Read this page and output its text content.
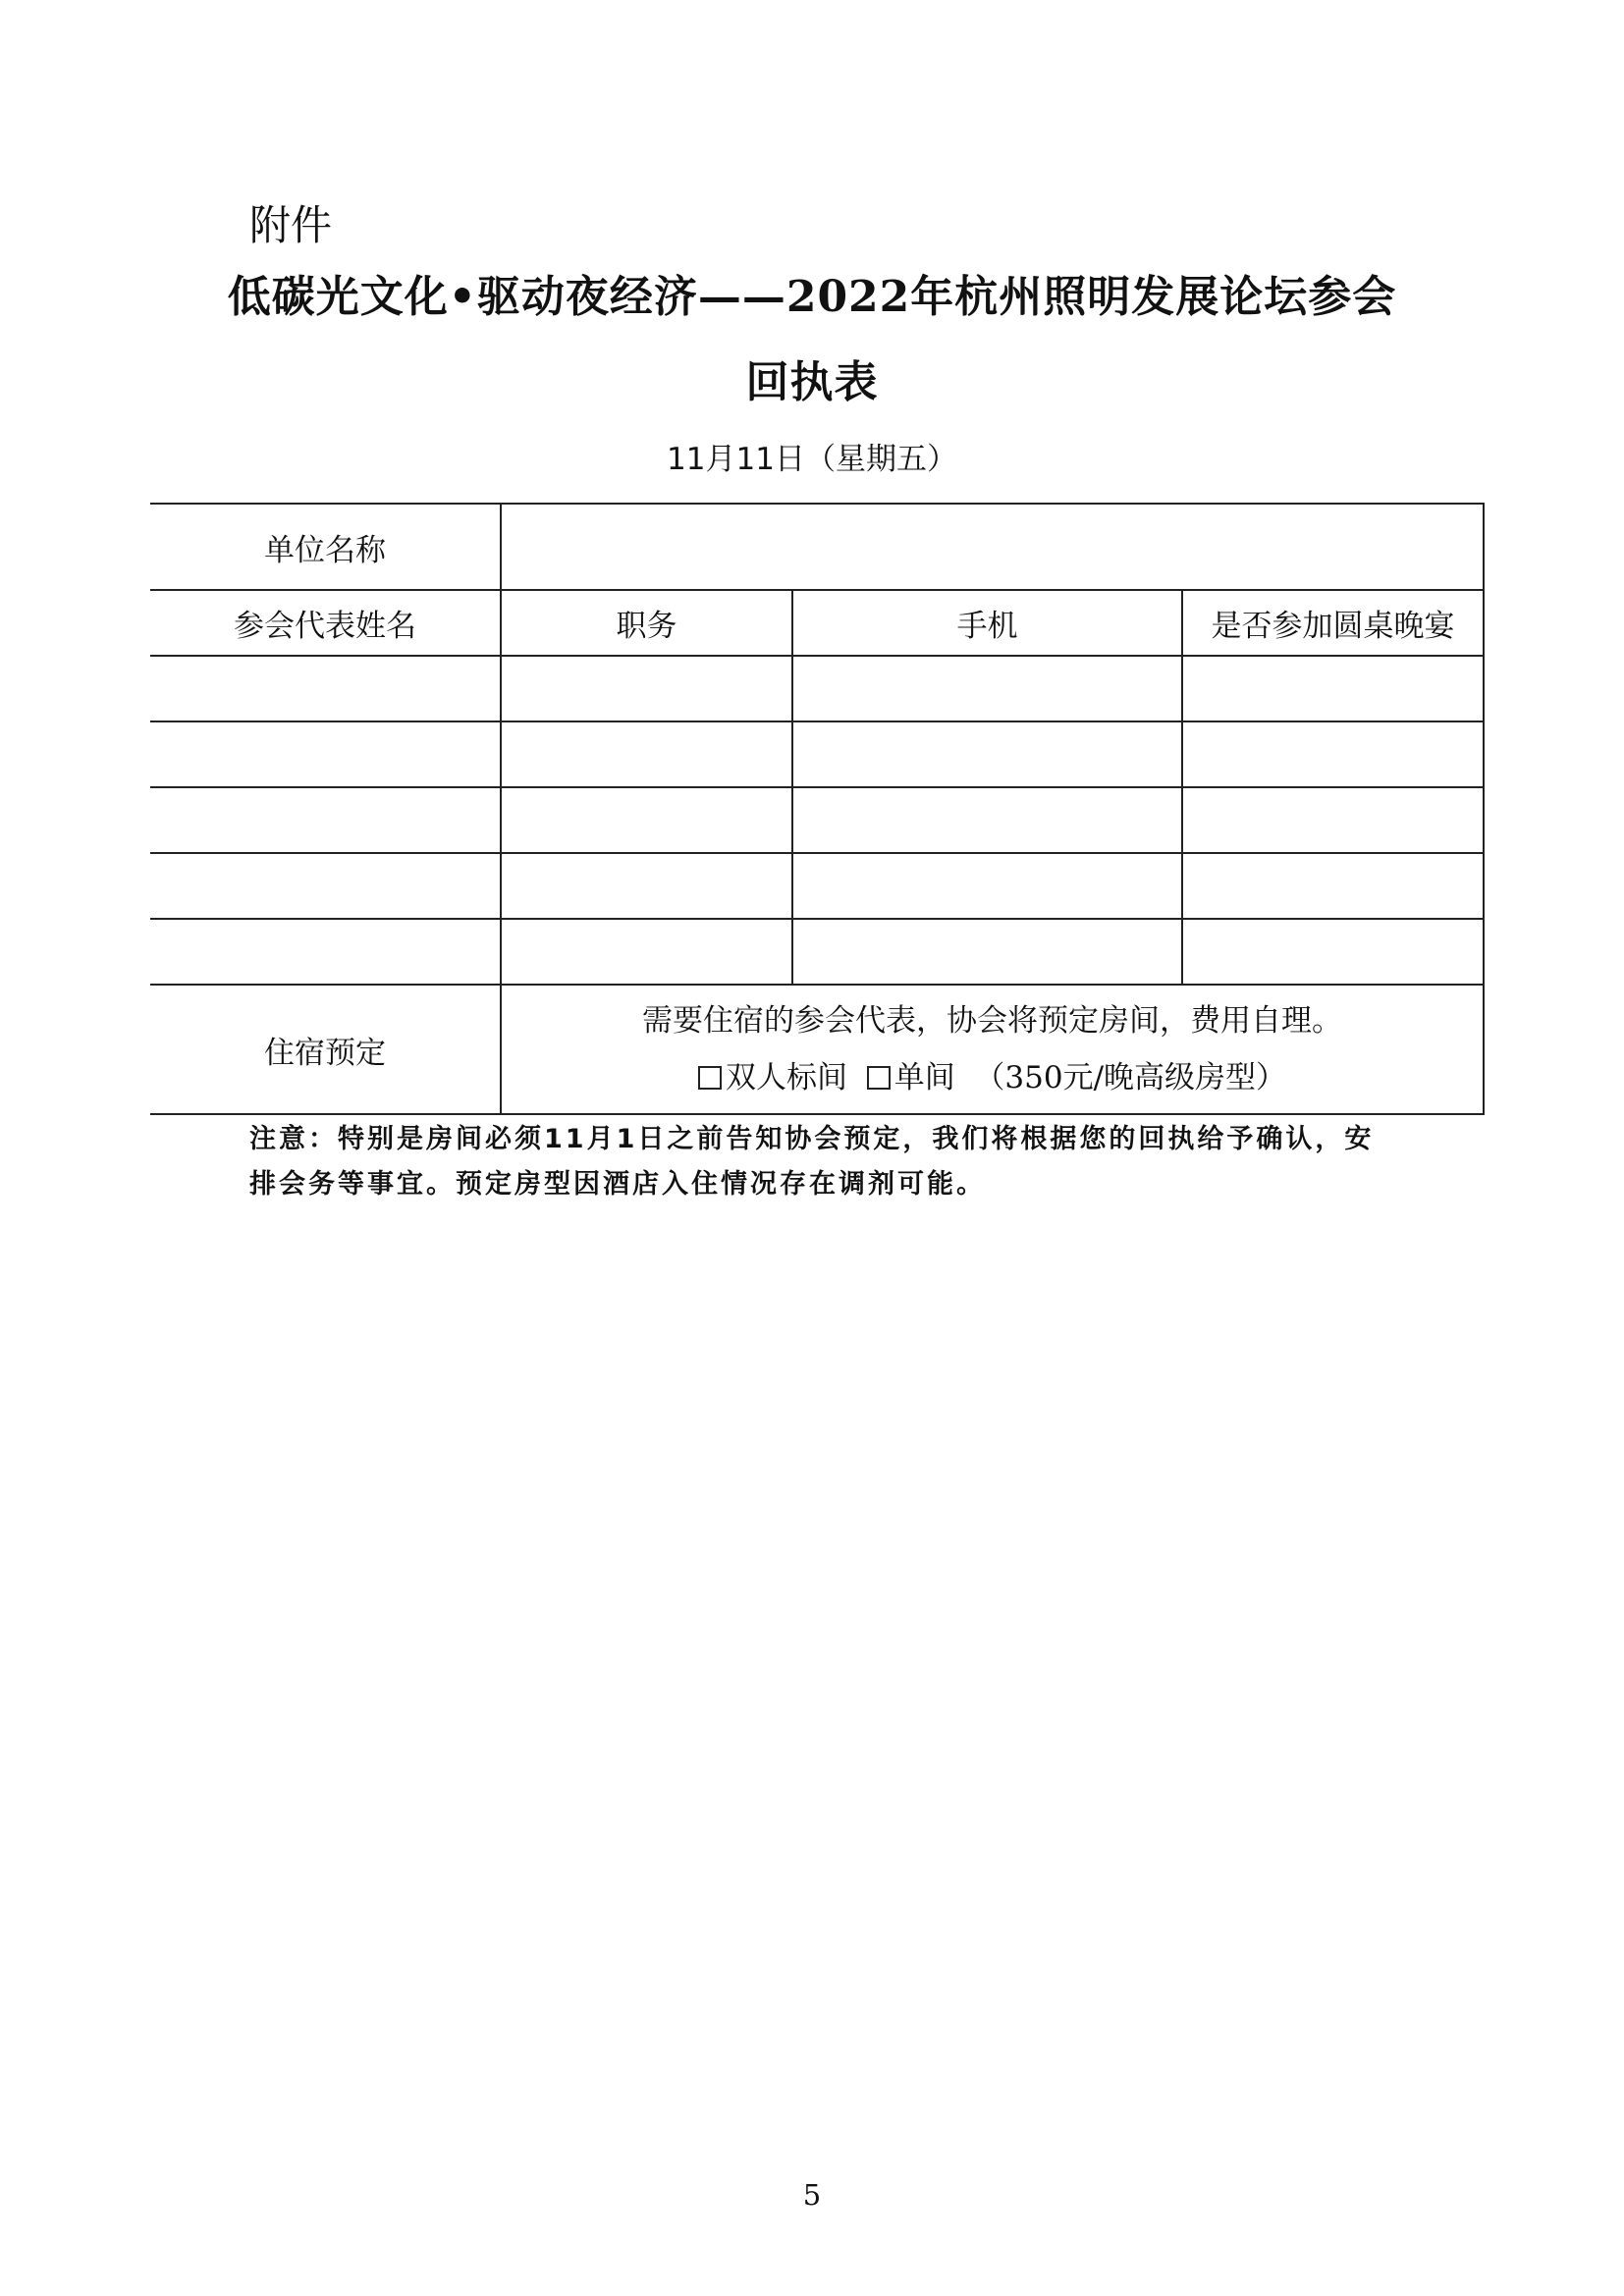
附件
低碳光文化•驱动夜经济——2022年杭州照明发展论坛参会
回执表
11月11日（星期五）
单位名称			
参会代表姓名	职务	手机	是否参加圆桌晚宴

住宿预定	需要住宿的参会代表，协会将预定房间，费用自理。
双人标间 单间 （350元/晚高级房型）		
注意：特别是房间必须11月1日之前告知协会预定，我们将根据您的回执给予确认，安排会务等事宜。预定房型因酒店入住情况存在调剂可能。
5
